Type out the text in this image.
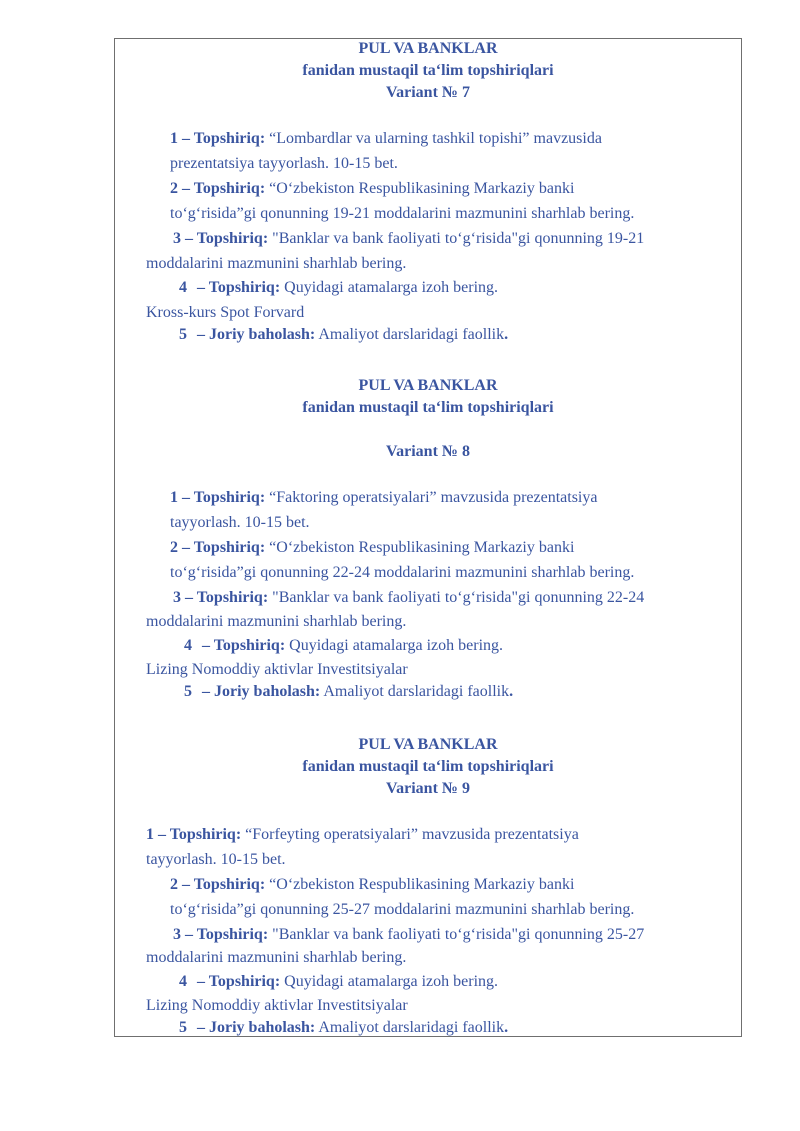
PUL VA BANKLAR
fanidan mustaqil taʻlim topshiriqlari
Variant № 7
1 – Topshiriq: “Lombardlar va ularning tashkil topishi” mavzusida
prezentatsiya tayyorlash. 10-15 bet.
2 – Topshiriq: “Oʻzbekiston Respublikasining Markaziy banki
toʻgʻrisida”gi qonunning 19-21 moddalarini mazmunini sharhlab bering.
3 – Topshiriq: "Banklar va bank faoliyati toʻgʻrisida"gi qonunning 19-21
moddalarini mazmunini sharhlab bering.
4 – Topshiriq: Quyidagi atamalarga izoh bering.
Kross-kurs Spot Forvard
5 – Joriy baholash: Amaliyot darslaridagi faollik.
PUL VA BANKLAR
fanidan mustaqil taʻlim topshiriqlari
Variant № 8
1 – Topshiriq: “Faktoring operatsiyalari” mavzusida prezentatsiya
tayyorlash. 10-15 bet.
2 – Topshiriq: “Oʻzbekiston Respublikasining Markaziy banki
toʻgʻrisida”gi qonunning 22-24 moddalarini mazmunini sharhlab bering.
3 – Topshiriq: "Banklar va bank faoliyati toʻgʻrisida"gi qonunning 22-24
moddalarini mazmunini sharhlab bering.
4 – Topshiriq: Quyidagi atamalarga izoh bering.
Lizing Nomoddiy aktivlar Investitsiyalar
5 – Joriy baholash: Amaliyot darslaridagi faollik.
PUL VA BANKLAR
fanidan mustaqil taʻlim topshiriqlari
Variant № 9
1 – Topshiriq: “Forfeyting operatsiyalari” mavzusida prezentatsiya
tayyorlash. 10-15 bet.
2 – Topshiriq: “Oʻzbekiston Respublikasining Markaziy banki
toʻgʻrisida”gi qonunning 25-27 moddalarini mazmunini sharhlab bering.
3 – Topshiriq: "Banklar va bank faoliyati toʻgʻrisida"gi qonunning 25-27
moddalarini mazmunini sharhlab bering.
4 – Topshiriq: Quyidagi atamalarga izoh bering.
Lizing Nomoddiy aktivlar Investitsiyalar
5 – Joriy baholash: Amaliyot darslaridagi faollik.
